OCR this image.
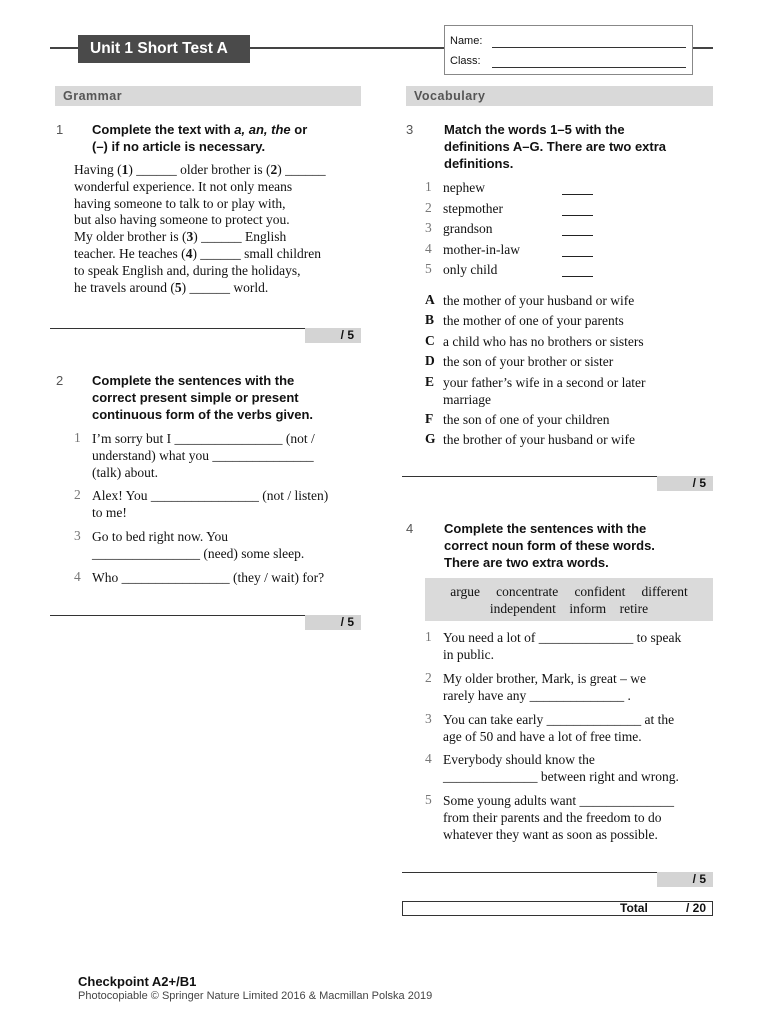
Unit 1 Short Test A	Name:
Class:
Grammar	Vocabulary
1 Complete the text with a, an, the or
(–) if no article is necessary.
Having (1) ______ older brother is (2) ______
wonderful experience. It not only means
having someone to talk to or play with,
but also having someone to protect you.
My older brother is (3) ______ English
teacher. He teaches (4) ______ small children
to speak English and, during the holidays,
he travels around (5) ______ world.
/ 5
2 Complete the sentences with the
correct present simple or present
continuous form of the verbs given.
1 I’m sorry but I ________________ (not /
understand) what you _______________
(talk) about.
2 Alex! You ________________ (not / listen)
to me!
3 Go to bed right now. You
________________ (need) some sleep.
4 Who ________________ (they / wait) for?
/ 5
3 Match the words 1–5 with the
definitions A–G. There are two extra
definitions.
1 nephew
2 stepmother
3 grandson
4 mother-in-law
5 only child
A the mother of your husband or wife
B the mother of one of your parents
C a child who has no brothers or sisters
D the son of your brother or sister
E your father’s wife in a second or later
marriage
F the son of one of your children
G the brother of your husband or wife
/ 5
4 Complete the sentences with the
correct noun form of these words.
There are two extra words.
argue concentrate confident different
independent inform retire
1 You need a lot of ______________ to speak
in public.
2 My older brother, Mark, is great – we
rarely have any ______________ .
3 You can take early ______________ at the
age of 50 and have a lot of free time.
4 Everybody should know the
______________ between right and wrong.
5 Some young adults want ______________
from their parents and the freedom to do
whatever they want as soon as possible.
/ 5
Total	/ 20
Checkpoint A2+/B1
Photocopiable © Springer Nature Limited 2016 & Macmillan Polska 2019
